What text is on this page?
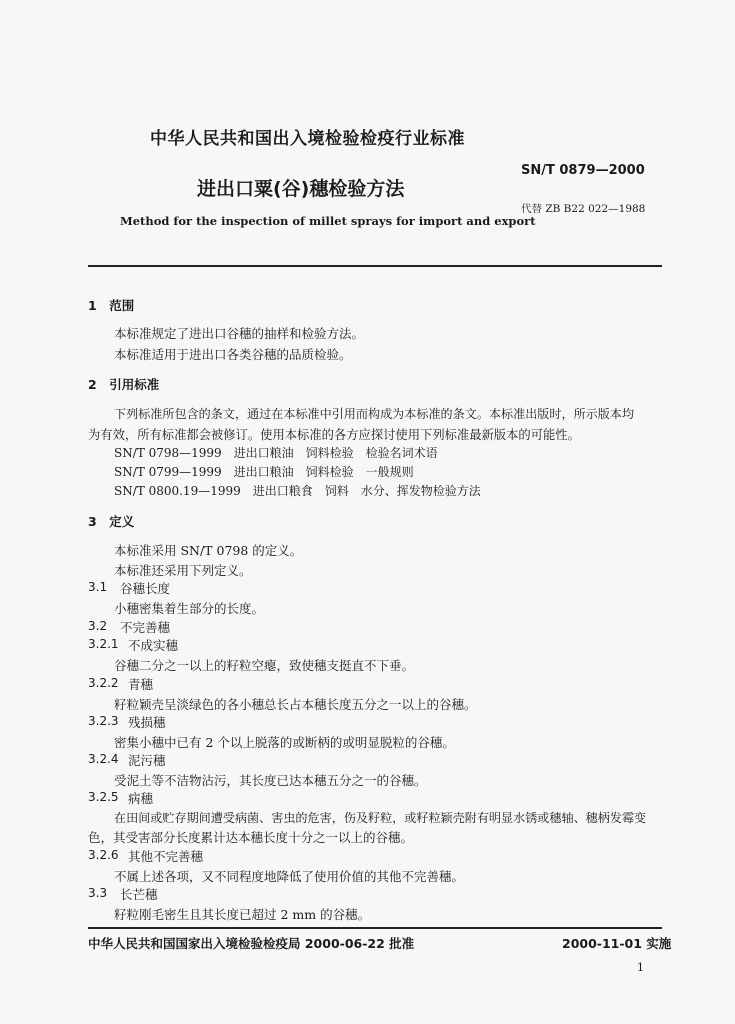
中华人民共和国出入境检验检疫行业标准
SN/T 0879—2000
进出口粟(谷)穗检验方法
代替 ZB B22 022—1988
Method for the inspection of millet sprays for import and export
1　范围
本标准规定了进出口谷穗的抽样和检验方法。
本标准适用于进出口各类谷穗的品质检验。
2　引用标准
下列标准所包含的条文，通过在本标准中引用而构成为本标准的条文。本标准出版时，所示版本均
为有效，所有标准都会被修订。使用本标准的各方应探讨使用下列标准最新版本的可能性。
SN/T 0798—1999　进出口粮油　饲料检验　检验名词术语
SN/T 0799—1999　进出口粮油　饲料检验　一般规则
SN/T 0800.19—1999　进出口粮食　饲料　水分、挥发物检验方法
3　定义
本标准采用 SN/T 0798 的定义。
本标准还采用下列定义。
3.1 谷穗长度
小穗密集着生部分的长度。
3.2 不完善穗
3.2.1 不成实穗
谷穗二分之一以上的籽粒空瘪，致使穗支挺直不下垂。
3.2.2 青穗
籽粒颖壳呈淡绿色的各小穗总长占本穗长度五分之一以上的谷穗。
3.2.3 残损穗
密集小穗中已有 2 个以上脱落的或断柄的或明显脱粒的谷穗。
3.2.4 泥污穗
受泥土等不洁物沾污，其长度已达本穗五分之一的谷穗。
3.2.5 病穗
在田间或贮存期间遭受病菌、害虫的危害，伤及籽粒，或籽粒颖壳附有明显水锈或穗轴、穗柄发霉变
色，其受害部分长度累计达本穗长度十分之一以上的谷穗。
3.2.6 其他不完善穗
不属上述各项，又不同程度地降低了使用价值的其他不完善穗。
3.3 长芒穗
籽粒刚毛密生且其长度已超过 2 mm 的谷穗。
中华人民共和国国家出入境检验检疫局 2000-06-22 批准	2000-11-01 实施
1
